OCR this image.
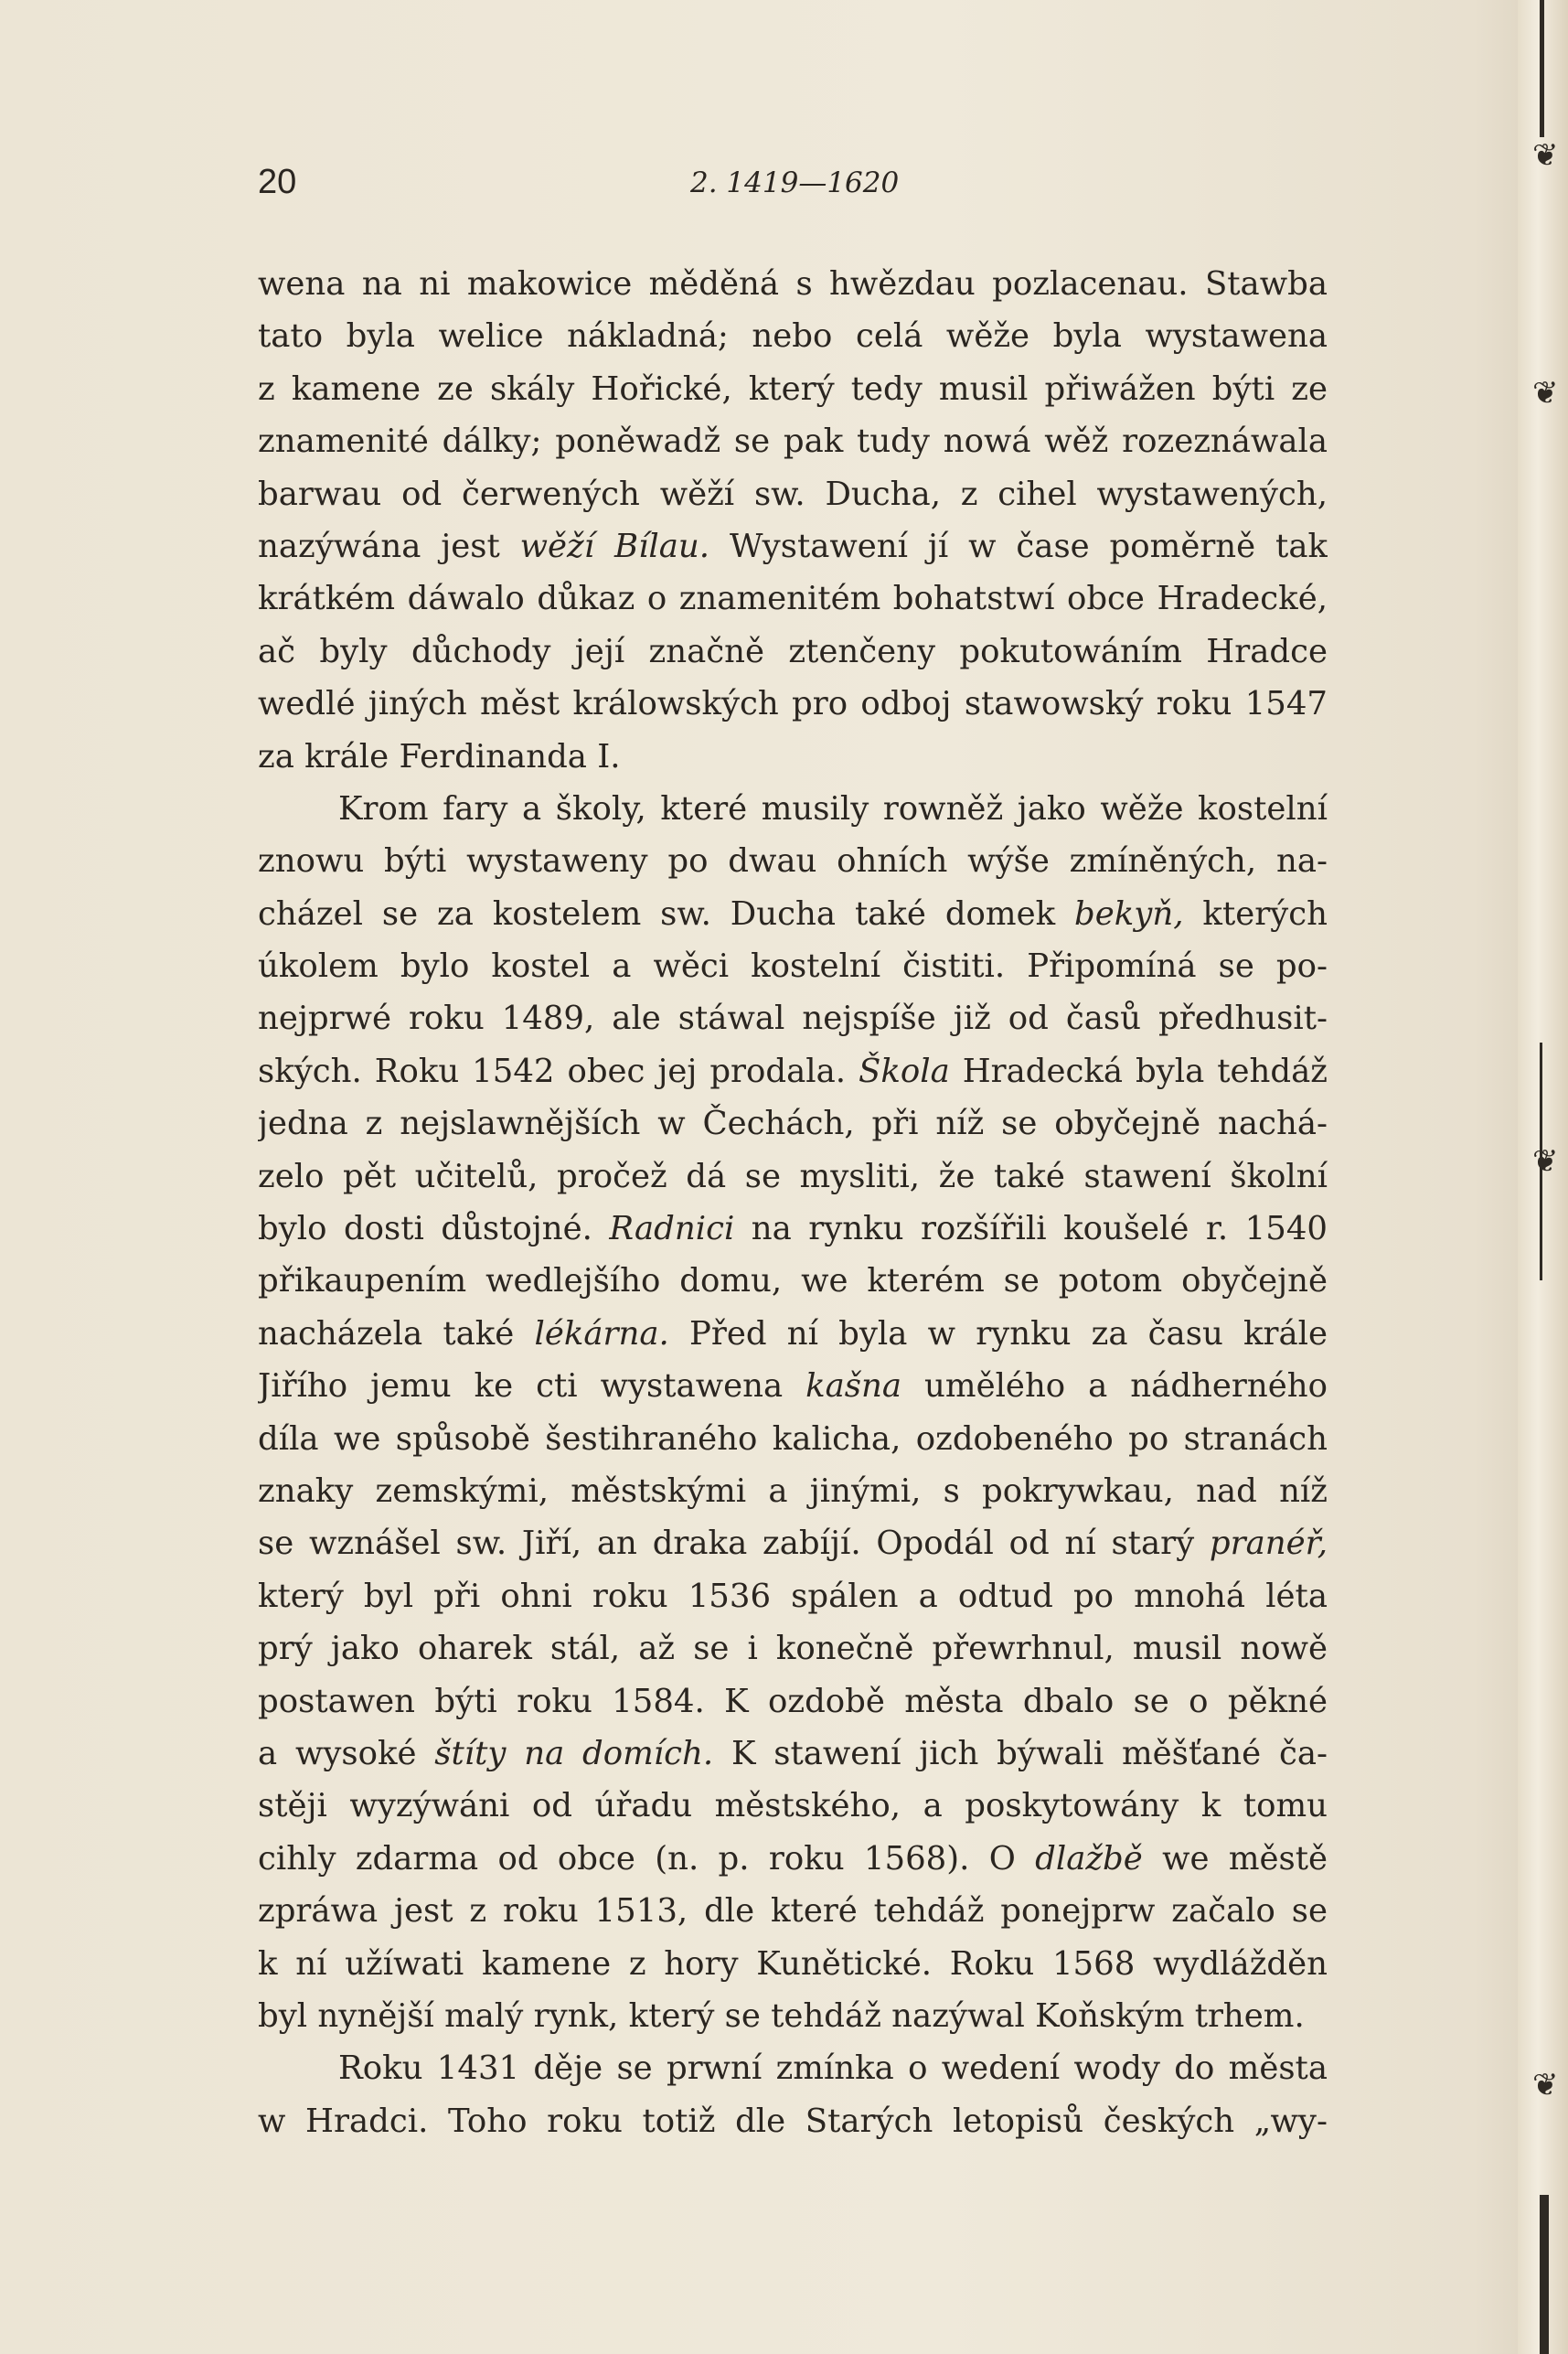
❦
❦
❦
❦
20	2. 1419—1620
wena na ni makowice měděná s hwězdau pozlacenau. Stawba
tato byla welice nákladná; nebo celá wěže byla wystawena
z kamene ze skály Hořické, který tedy musil přiwážen býti ze
znamenité dálky; poněwadž se pak tudy nowá wěž rozeznáwala
barwau od čerwených wěží sw. Ducha, z cihel wystawených,
nazýwána jest wěží Bílau. Wystawení jí w čase poměrně tak
krátkém dáwalo důkaz o znamenitém bohatstwí obce Hradecké,
ač byly důchody její značně ztenčeny pokutowáním Hradce
wedlé jiných měst králowských pro odboj stawowský roku 1547
za krále Ferdinanda I.
Krom fary a školy, které musily rowněž jako wěže kostelní
znowu býti wystaweny po dwau ohních wýše zmíněných, na-
cházel se za kostelem sw. Ducha také domek bekyň, kterých
úkolem bylo kostel a wěci kostelní čistiti. Připomíná se po-
nejprwé roku 1489, ale stáwal nejspíše již od časů předhusit-
ských. Roku 1542 obec jej prodala. Škola Hradecká byla tehdáž
jedna z nejslawnějších w Čechách, při níž se obyčejně nachá-
zelo pět učitelů, pročež dá se mysliti, že také stawení školní
bylo dosti důstojné. Radnici na rynku rozšířili koušelé r. 1540
přikaupením wedlejšího domu, we kterém se potom obyčejně
nacházela také lékárna. Před ní byla w rynku za času krále
Jiřího jemu ke cti wystawena kašna umělého a nádherného
díla we spůsobě šestihraného kalicha, ozdobeného po stranách
znaky zemskými, městskými a jinými, s pokrywkau, nad níž
se wznášel sw. Jiří, an draka zabíjí. Opodál od ní starý pranéř,
který byl při ohni roku 1536 spálen a odtud po mnohá léta
prý jako oharek stál, až se i konečně přewrhnul, musil nowě
postawen býti roku 1584. K ozdobě města dbalo se o pěkné
a wysoké štíty na domích. K stawení jich býwali měšťané ča-
stěji wyzýwáni od úřadu městského, a poskytowány k tomu
cihly zdarma od obce (n. p. roku 1568). O dlažbě we městě
zpráwa jest z roku 1513, dle které tehdáž ponejprw začalo se
k ní užíwati kamene z hory Kunětické. Roku 1568 wydlážděn
byl nynější malý rynk, který se tehdáž nazýwal Koňským trhem.
Roku 1431 děje se prwní zmínka o wedení wody do města
w Hradci. Toho roku totiž dle Starých letopisů českých „wy-
